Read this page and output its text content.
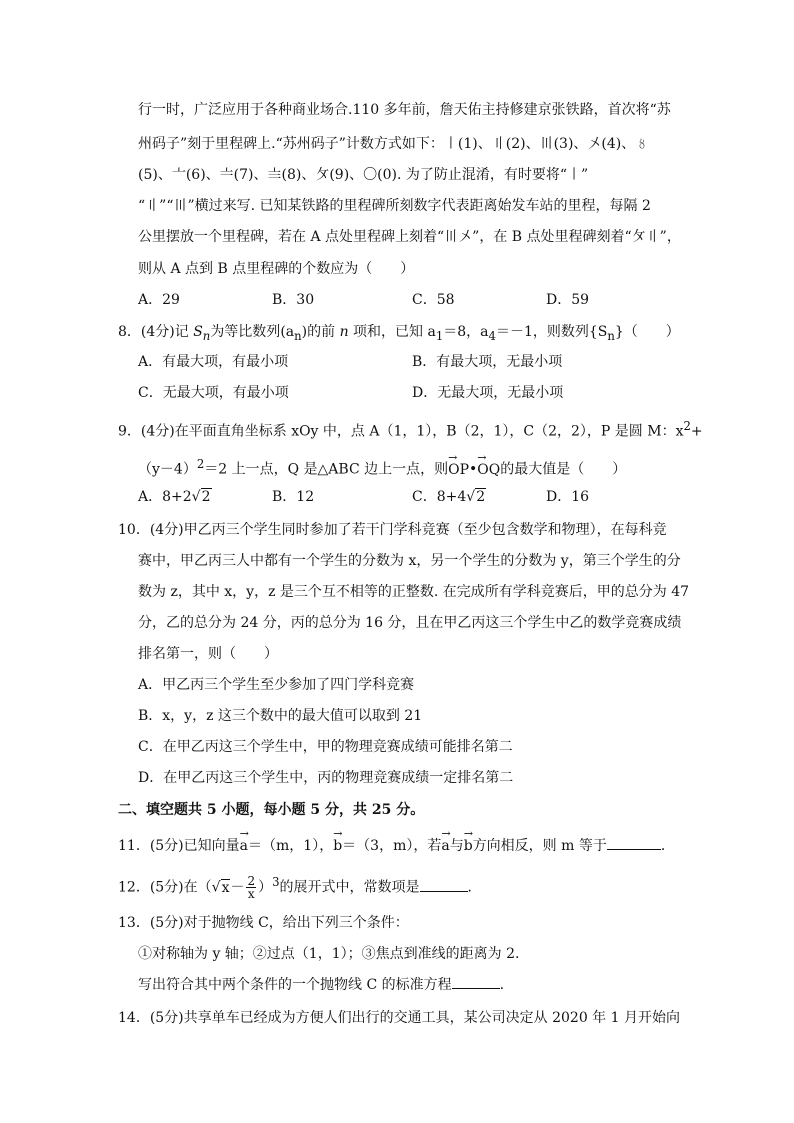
行一时，广泛应用于各种商业场合.110 多年前，詹天佑主持修建京张铁路，首次将“苏
州码子”刻于里程碑上.“苏州码子”计数方式如下：〡(1)、〢(2)、〣(3)、〤(4)、〥
(5)、〦(6)、〧(7)、〨(8)、〩(9)、〇(0). 为了防止混淆，有时要将“〡”
“〢”“〣”横过来写. 已知某铁路的里程碑所刻数字代表距离始发车站的里程，每隔 2
公里摆放一个里程碑，若在 A 点处里程碑上刻着“〣〤”，在 B 点处里程碑刻着“〩〢”，
则从 A 点到 B 点里程碑的个数应为（　　）
A．29	B．30	C．58	D．59
8．(4分)记 $S_n$为等比数列$(a_n)$的前 n 项和，已知 $a_1=8$，$a_4=-1$，则数列$\{S_n\}$（　　）
A．有最大项，有最小项	B．有最大项，无最小项
C．无最大项，有最小项	D．无最大项，无最小项
9．(4分)在平面直角坐标系 xOy 中，点 A（1，1），B（2，1），C（2，2），P 是圆 M：$x^2+$
$(y-4)^2=2$ 上一点，Q 是△ABC 边上一点，则→ OP•→ OQ的最大值是（　　）
A．8+2√2	B．12	C．8+4√2	D．16
10．(4分)甲乙丙三个学生同时参加了若干门学科竞赛（至少包含数学和物理），在每科竞
赛中，甲乙丙三人中都有一个学生的分数为 x，另一个学生的分数为 y，第三个学生的分
数为 z，其中 x，y，z 是三个互不相等的正整数. 在完成所有学科竞赛后，甲的总分为 47
分，乙的总分为 24 分，丙的总分为 16 分，且在甲乙丙这三个学生中乙的数学竞赛成绩
排名第一，则（　　）
A．甲乙丙三个学生至少参加了四门学科竞赛
B．x，y，z 这三个数中的最大值可以取到 21
C．在甲乙丙这三个学生中，甲的物理竞赛成绩可能排名第二
D．在甲乙丙这三个学生中，丙的物理竞赛成绩一定排名第二
二、填空题共 5 小题，每小题 5 分，共 25 分。
11．(5分)已知向量→ a＝（m，1），→ b＝（3，m），若→ a与→ b方向相反，则 m 等于	．
12．(5分)在$(√x- \frac{2}{x} )^3$的展开式中，常数项是	．
13．(5分)对于抛物线 C，给出下列三个条件：
①对称轴为 y 轴；②过点（1，1）；③焦点到准线的距离为 2.
写出符合其中两个条件的一个抛物线 C 的标准方程	.
14．(5分)共享单车已经成为方便人们出行的交通工具，某公司决定从 2020 年 1 月开始向
